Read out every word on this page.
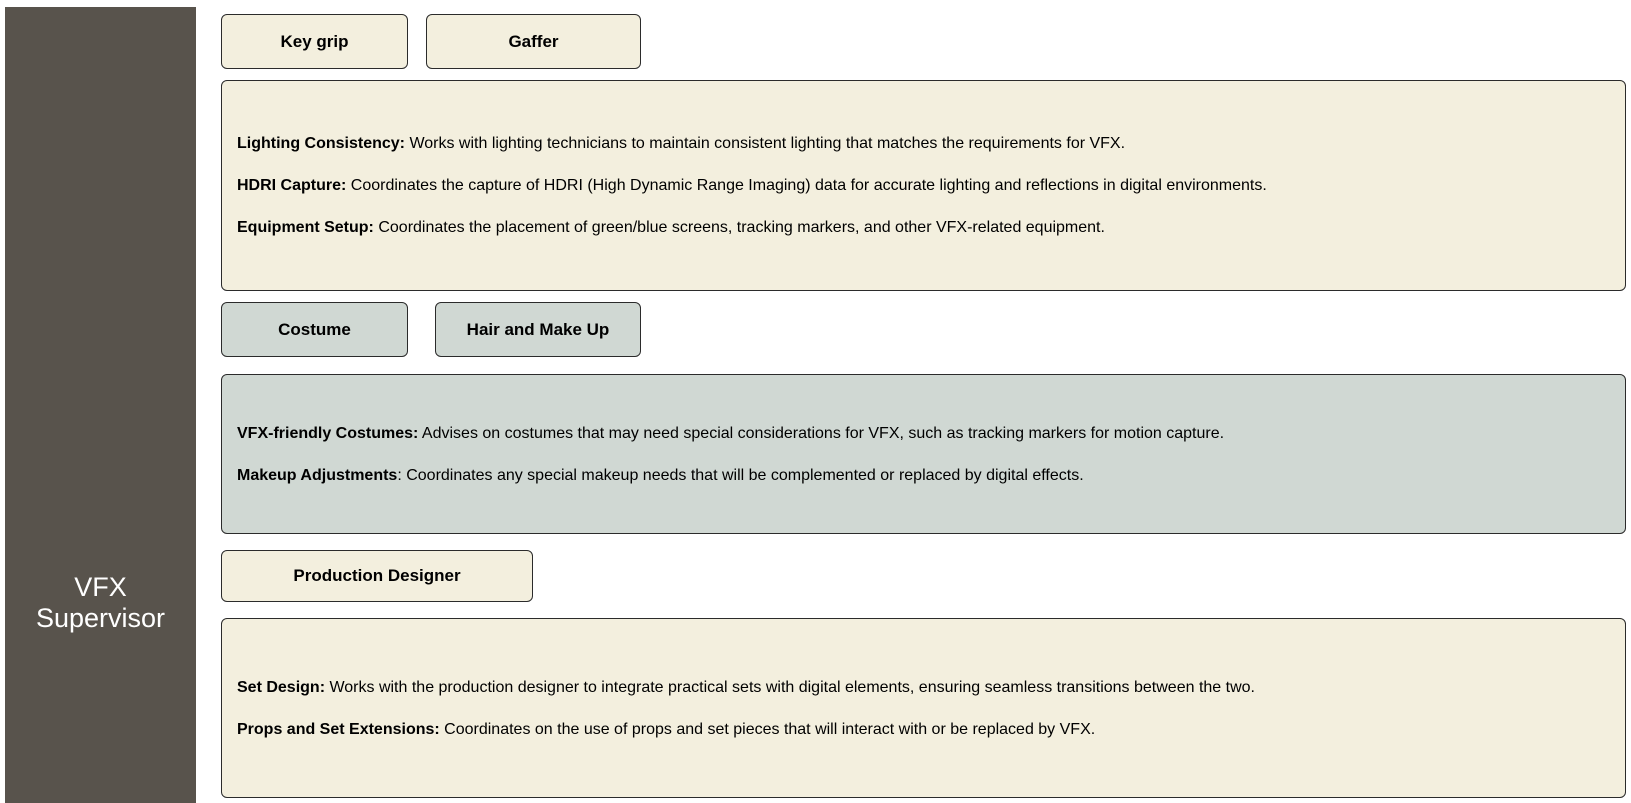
VFX
Supervisor
Key grip	Gaffer
Lighting Consistency: Works with lighting technicians to maintain consistent lighting that matches the requirements for VFX.
HDRI Capture: Coordinates the capture of HDRI (High Dynamic Range Imaging) data for accurate lighting and reflections in digital environments.
Equipment Setup: Coordinates the placement of green/blue screens, tracking markers, and other VFX-related equipment.
Costume	Hair and Make Up
VFX-friendly Costumes: Advises on costumes that may need special considerations for VFX, such as tracking markers for motion capture.
Makeup Adjustments: Coordinates any special makeup needs that will be complemented or replaced by digital effects.
Production Designer
Set Design: Works with the production designer to integrate practical sets with digital elements, ensuring seamless transitions between the two.
Props and Set Extensions: Coordinates on the use of props and set pieces that will interact with or be replaced by VFX.
